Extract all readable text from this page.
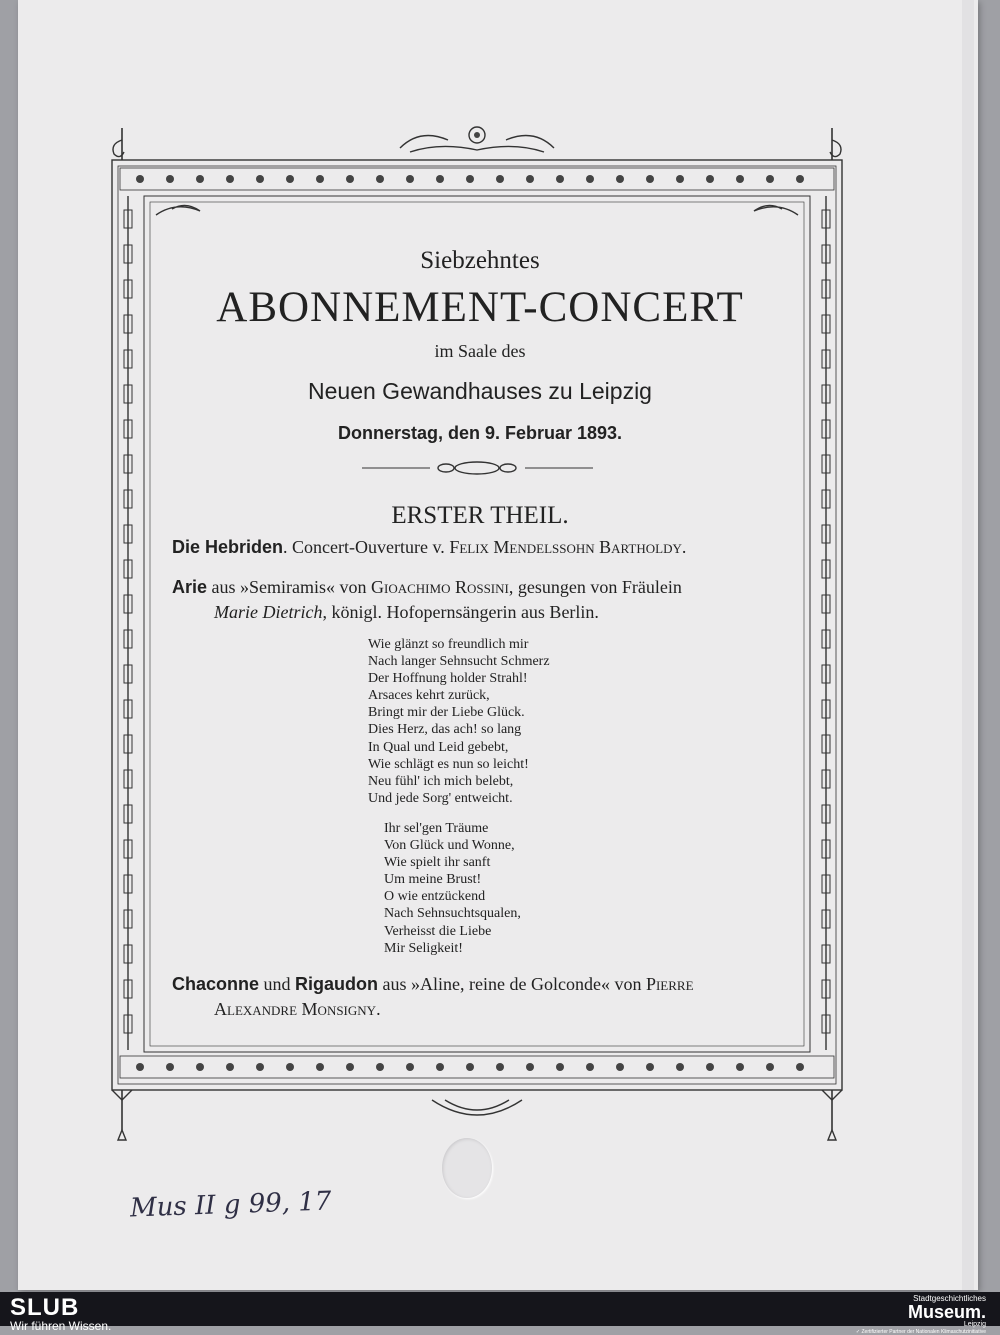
Siebzehntes
ABONNEMENT-CONCERT
im Saale des
Neuen Gewandhauses zu Leipzig
Donnerstag, den 9. Februar 1893.
ERSTER THEIL.
Die Hebriden. Concert-Ouverture v. Felix Mendelssohn Bartholdy.
Arie aus »Semiramis« von Gioachimo Rossini, gesungen von Fräulein
Marie Dietrich, königl. Hofopernsängerin aus Berlin.
Wie glänzt so freundlich mir
Nach langer Sehnsucht Schmerz
Der Hoffnung holder Strahl!
Arsaces kehrt zurück,
Bringt mir der Liebe Glück.
Dies Herz, das ach! so lang
In Qual und Leid gebebt,
Wie schlägt es nun so leicht!
Neu fühl' ich mich belebt,
Und jede Sorg' entweicht.
Ihr sel'gen Träume
Von Glück und Wonne,
Wie spielt ihr sanft
Um meine Brust!
O wie entzückend
Nach Sehnsuchtsqualen,
Verheisst die Liebe
Mir Seligkeit!
Chaconne und Rigaudon aus »Aline, reine de Golconde« von Pierre
Alexandre Monsigny.
Mus II g 99, 17
SLUB
Wir führen Wissen.
Stadtgeschichtliches
Museum.
Leipzig
✓ Zertifizierter Partner der Nationalen Klimaschutzinitiative
